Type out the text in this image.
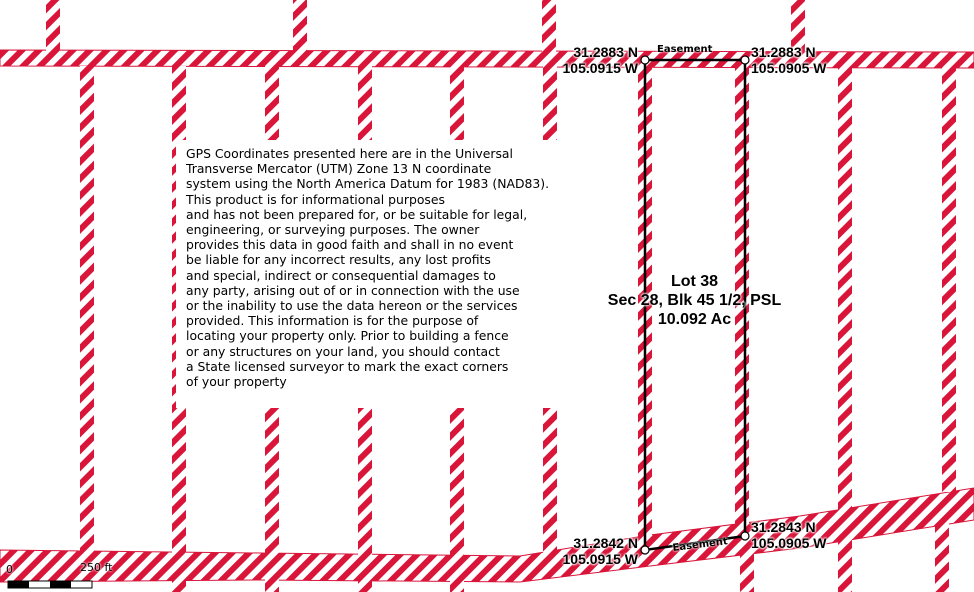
GPS Coordinates presented here are in the Universal
Transverse Mercator (UTM) Zone 13 N coordinate
system using the North America Datum for 1983 (NAD83).
This product is for informational purposes
and has not been prepared for, or be suitable for legal,
engineering, or surveying purposes. The owner
provides this data in good faith and shall in no event
be liable for any incorrect results, any lost profits
and special, indirect or consequential damages to
any party, arising out of or in connection with the use
or the inability to use the data hereon or the services
provided. This information is for the purpose of
locating your property only. Prior to building a fence
or any structures on your land, you should contact
a State licensed surveyor to mark the exact corners
of your property
Lot 38
Sec 28, Blk 45 1/2, PSL
10.092 Ac
31.2883 N
105.0915 W
31.2883 N
105.0905 W
31.2842 N
105.0915 W
31.2843 N
105.0905 W
Easement
Easement
0	250 ft
